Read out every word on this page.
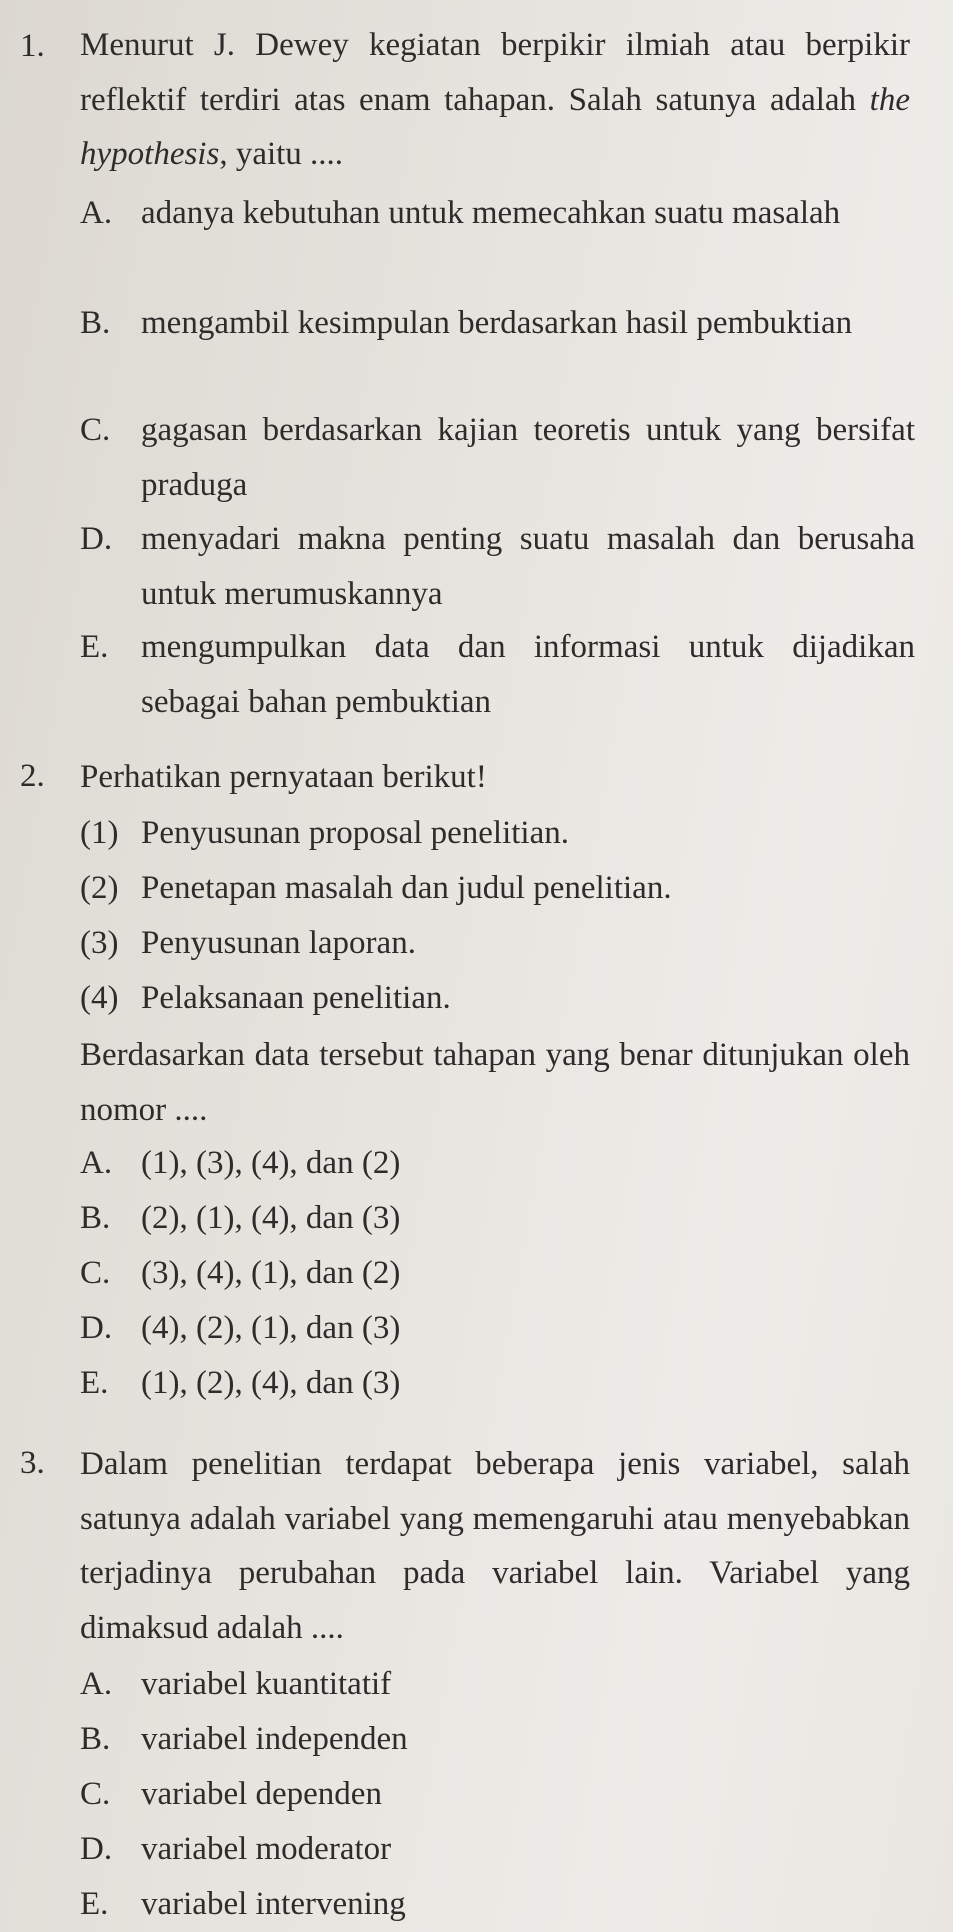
1. Menurut J. Dewey kegiatan berpikir ilmiah atau berpikir reflektif terdiri atas enam tahapan. Salah satunya adalah the hypothesis, yaitu ....
A. adanya kebutuhan untuk memecahkan suatu masalah
B. mengambil kesimpulan berdasarkan hasil pembuktian
C. gagasan berdasarkan kajian teoretis untuk yang bersifat praduga
D. menyadari makna penting suatu masalah dan berusaha untuk merumuskannya
E. mengumpulkan data dan informasi untuk dijadikan sebagai bahan pembuktian
2. Perhatikan pernyataan berikut!
(1) Penyusunan proposal penelitian.
(2) Penetapan masalah dan judul penelitian.
(3) Penyusunan laporan.
(4) Pelaksanaan penelitian.
Berdasarkan data tersebut tahapan yang benar ditunjukan oleh nomor ....
A. (1), (3), (4), dan (2)
B. (2), (1), (4), dan (3)
C. (3), (4), (1), dan (2)
D. (4), (2), (1), dan (3)
E. (1), (2), (4), dan (3)
3. Dalam penelitian terdapat beberapa jenis variabel, salah satunya adalah variabel yang memengaruhi atau menyebabkan terjadinya perubahan pada variabel lain. Variabel yang dimaksud adalah ....
A. variabel kuantitatif
B. variabel independen
C. variabel dependen
D. variabel moderator
E. variabel intervening
